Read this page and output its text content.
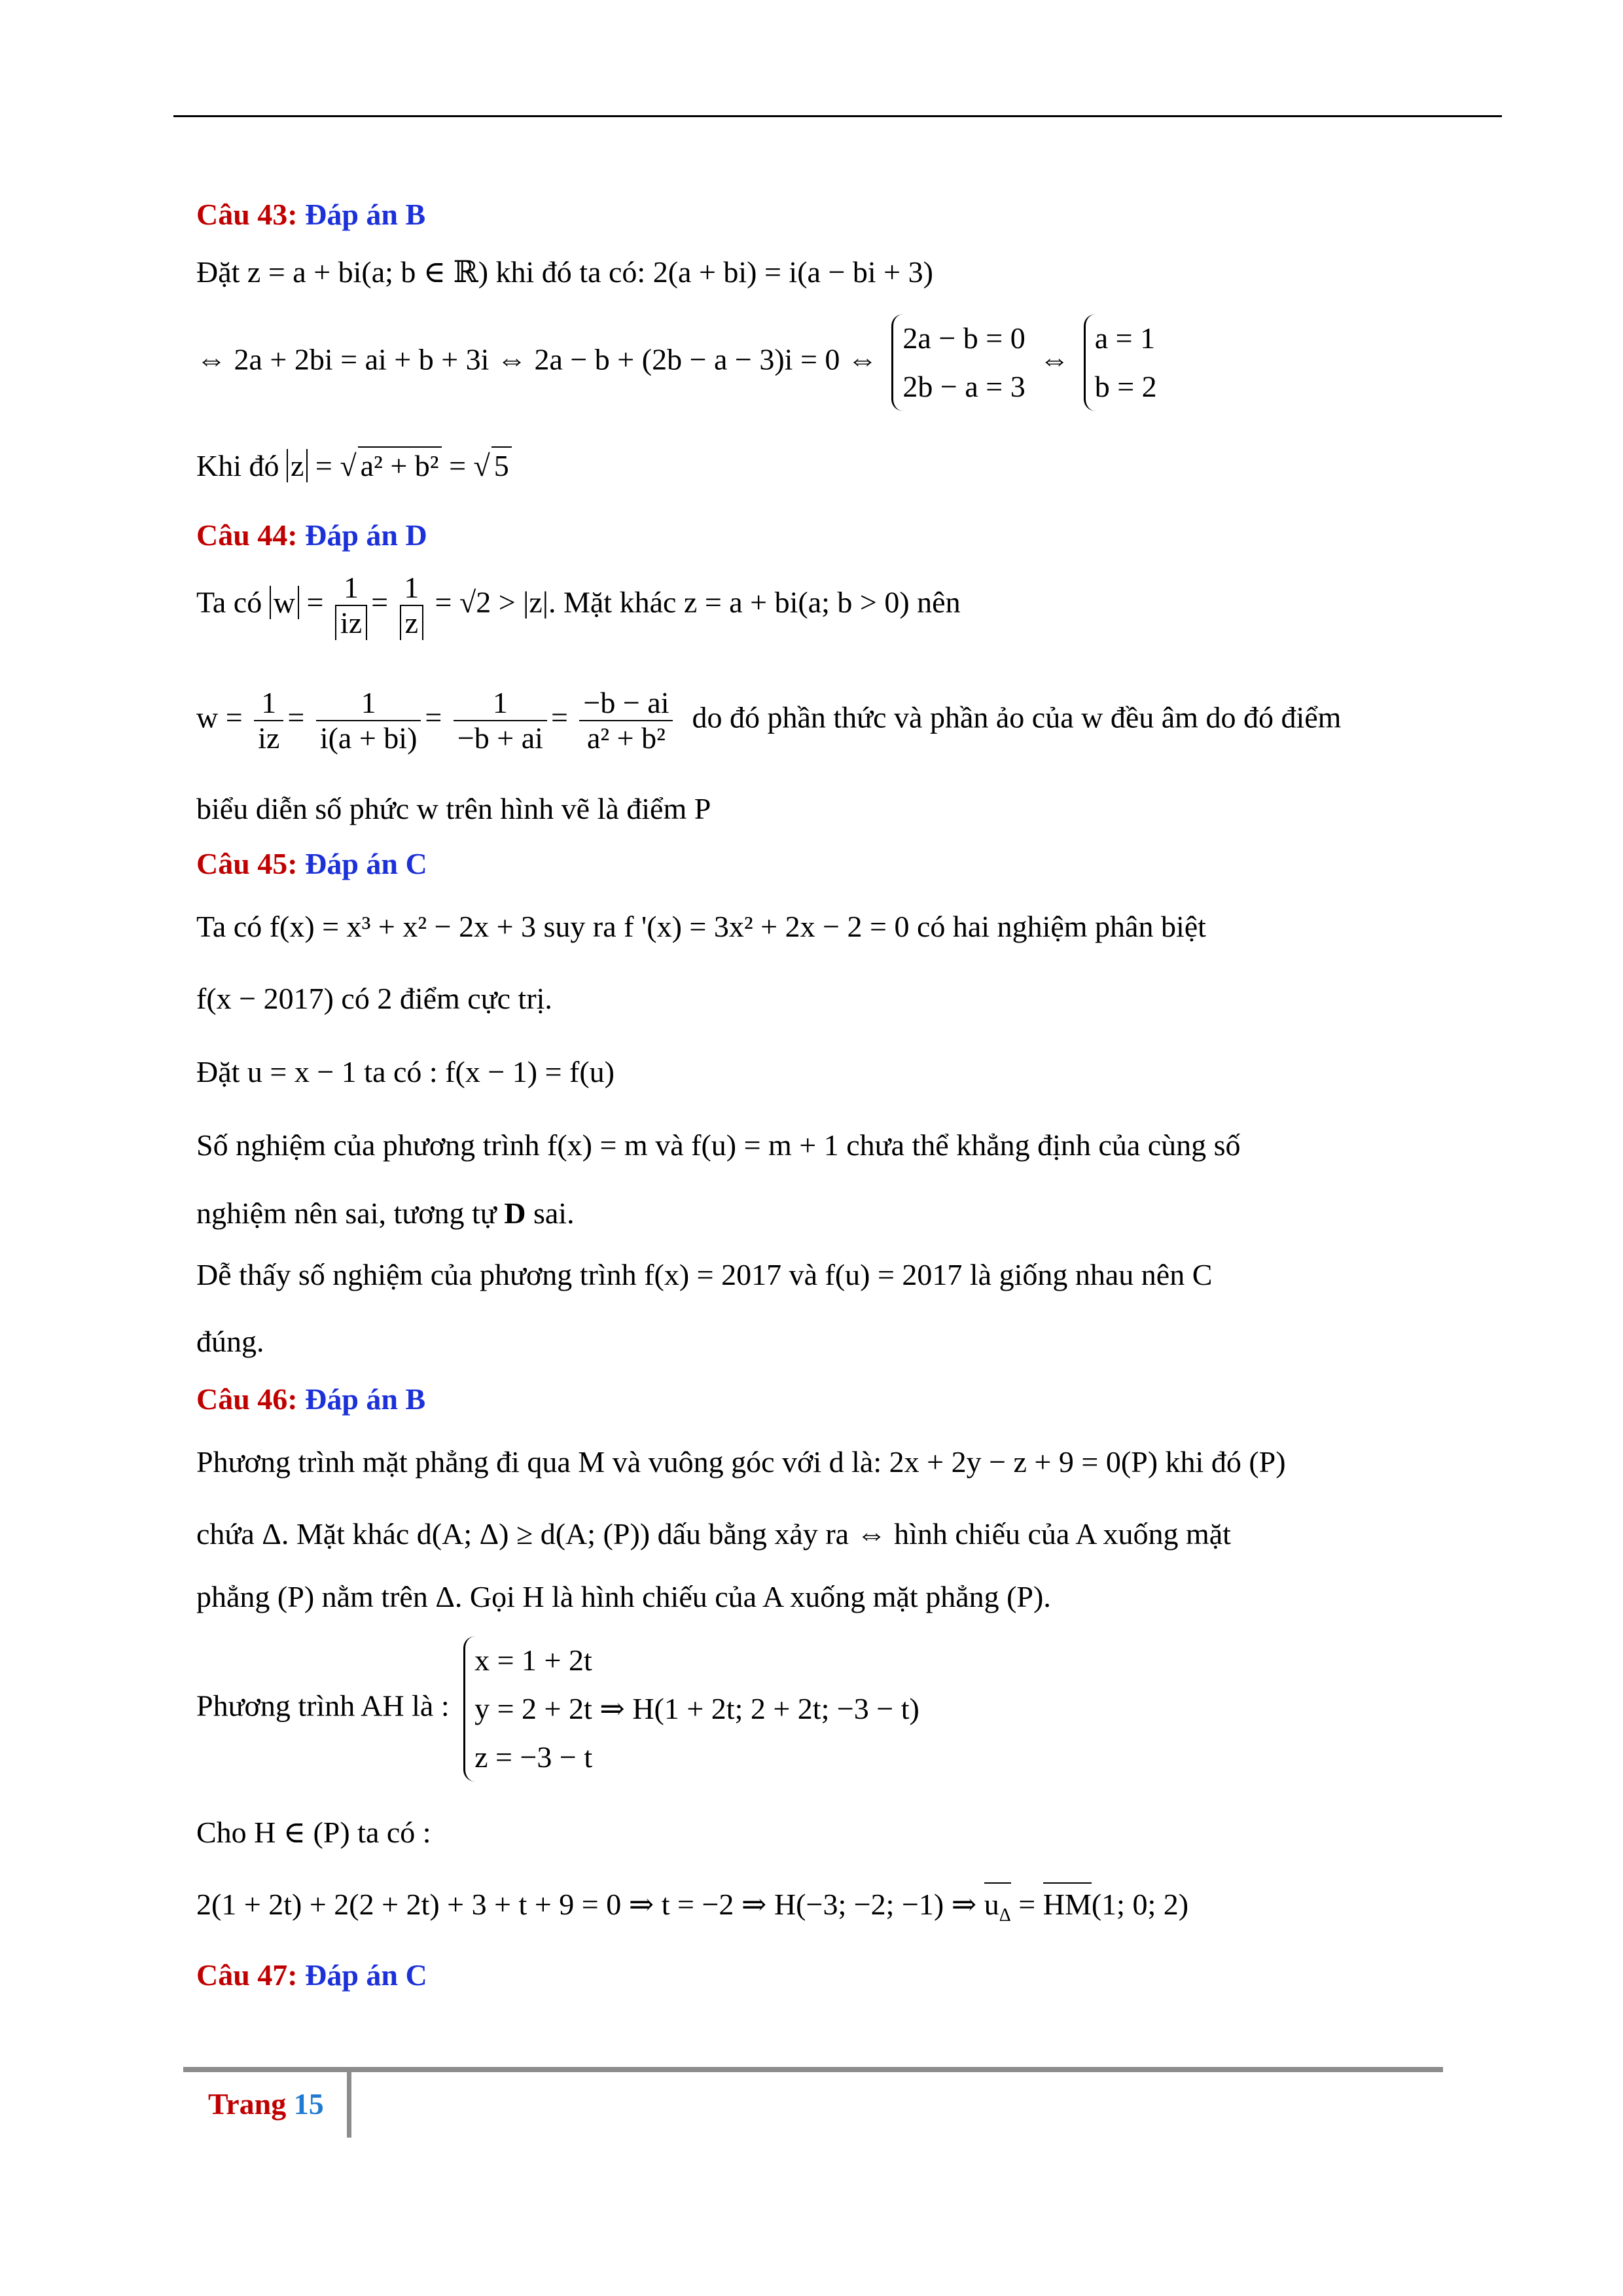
Câu 43: Đáp án B
Đặt z = a + bi(a; b ∈ ℝ) khi đó ta có: 2(a + bi) = i(a − bi + 3)
⇔ 2a + 2bi = ai + b + 3i ⇔ 2a − b + (2b − a − 3)i = 0 ⇔
2a − b = 0
2b − a = 3
⇔
a = 1
b = 2
Khi đó z = √ a² + b² = √ 5
Câu 44: Đáp án D
Ta có $w = \frac{1}{iz} = \frac{1}{z} = √2 > |z|$. Mặt khác z = a + bi(a; b > 0) nên
$w = \frac{1}{iz} = \frac{1}{i(a + bi)} = \frac{1}{-b + ai} = \frac{-b - ai}{\text{a² + b²}}$ do đó phần thức và phần ảo của w đều âm do đó điểm
biểu diễn số phức w trên hình vẽ là điểm P
Câu 45: Đáp án C
Ta có f(x) = x³ + x² − 2x + 3 suy ra f '(x) = 3x² + 2x − 2 = 0 có hai nghiệm phân biệt
f(x − 2017) có 2 điểm cực trị.
Đặt u = x − 1 ta có : f(x − 1) = f(u)
Số nghiệm của phương trình f(x) = m và f(u) = m + 1 chưa thể khẳng định của cùng số
nghiệm nên sai, tương tự D sai.
Dễ thấy số nghiệm của phương trình f(x) = 2017 và f(u) = 2017 là giống nhau nên C
đúng.
Câu 46: Đáp án B
Phương trình mặt phẳng đi qua M và vuông góc với d là: 2x + 2y − z + 9 = 0(P) khi đó (P)
chứa Δ. Mặt khác d(A; Δ) ≥ d(A; (P)) dấu bằng xảy ra ⇔ hình chiếu của A xuống mặt
phẳng (P) nằm trên Δ. Gọi H là hình chiếu của A xuống mặt phẳng (P).
Phương trình AH là :
x = 1 + 2t
y = 2 + 2t ⇒ H(1 + 2t; 2 + 2t; −3 − t)
z = −3 − t
Cho H ∈ (P) ta có :
2(1 + 2t) + 2(2 + 2t) + 3 + t + 9 = 0 ⇒ t = −2 ⇒ H(−3; −2; −1) ⇒ $u_\Delta = HM(1$; 0; 2)
Câu 47: Đáp án C
Trang 15
